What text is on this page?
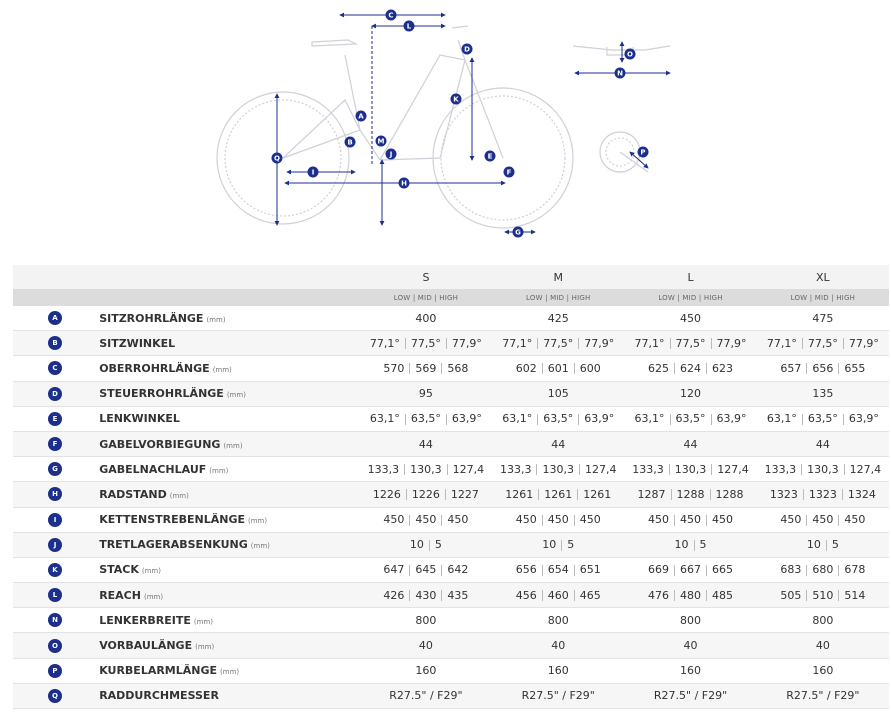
A
B
C
D
E
F
G
H
I
J
K
L
M
N
O
P
Q
		S	M	L	XL
		LOW | MID | HIGH	LOW | MID | HIGH	LOW | MID | HIGH	LOW | MID | HIGH
A	SITZROHRLÄNGE (mm)	400	425	450	475
B	SITZWINKEL	77,1° 77,5° 77,9°	77,1° 77,5° 77,9°	77,1° 77,5° 77,9°	77,1° 77,5° 77,9°
C	OBERROHRLÄNGE (mm)	570 569 568	602 601 600	625 624 623	657 656 655
D	STEUERROHRLÄNGE (mm)	95	105	120	135
E	LENKWINKEL	63,1° 63,5° 63,9°	63,1° 63,5° 63,9°	63,1° 63,5° 63,9°	63,1° 63,5° 63,9°
F	GABELVORBIEGUNG (mm)	44	44	44	44
G	GABELNACHLAUF (mm)	133,3 130,3 127,4	133,3 130,3 127,4	133,3 130,3 127,4	133,3 130,3 127,4
H	RADSTAND (mm)	1226 1226 1227	1261 1261 1261	1287 1288 1288	1323 1323 1324
I	KETTENSTREBENLÄNGE (mm)	450 450 450	450 450 450	450 450 450	450 450 450
J	TRETLAGERABSENKUNG (mm)	10 5	10 5	10 5	10 5
K	STACK (mm)	647 645 642	656 654 651	669 667 665	683 680 678
L	REACH (mm)	426 430 435	456 460 465	476 480 485	505 510 514
N	LENKERBREITE (mm)	800	800	800	800
O	VORBAULÄNGE (mm)	40	40	40	40
P	KURBELARMLÄNGE (mm)	160	160	160	160
Q	RADDURCHMESSER	R27.5" / F29"	R27.5" / F29"	R27.5" / F29"	R27.5" / F29"
